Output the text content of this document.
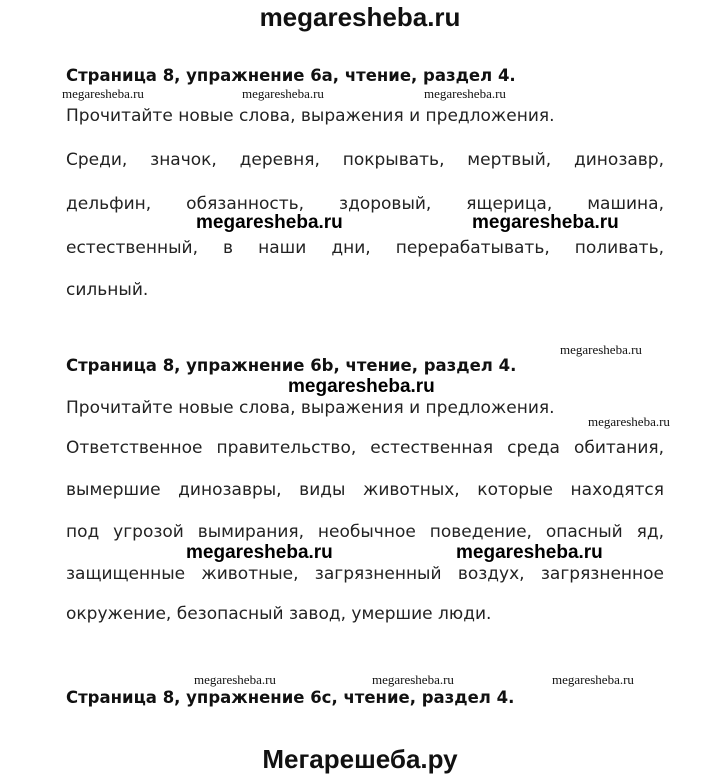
megaresheba.ru
Страница 8, упражнение 6a, чтение, раздел 4.
megaresheba.ru	megaresheba.ru	megaresheba.ru
Прочитайте новые слова, выражения и предложения.
Среди, значок, деревня, покрывать, мертвый, динозавр,
дельфин, обязанность, здоровый, ящерица, машина,
естественный, в наши дни, перерабатывать, поливать,
сильный.
megaresheba.ru	megaresheba.ru
megaresheba.ru
Страница 8, упражнение 6b, чтение, раздел 4.
megaresheba.ru
Прочитайте новые слова, выражения и предложения.
megaresheba.ru
Ответственное правительство, естественная среда обитания,
вымершие динозавры, виды животных, которые находятся
под угрозой вымирания, необычное поведение, опасный яд,
защищенные животные, загрязненный воздух, загрязненное
окружение, безопасный завод, умершие люди.
megaresheba.ru	megaresheba.ru
megaresheba.ru	megaresheba.ru	megaresheba.ru
Страница 8, упражнение 6c, чтение, раздел 4.
Мегарешеба.ру
